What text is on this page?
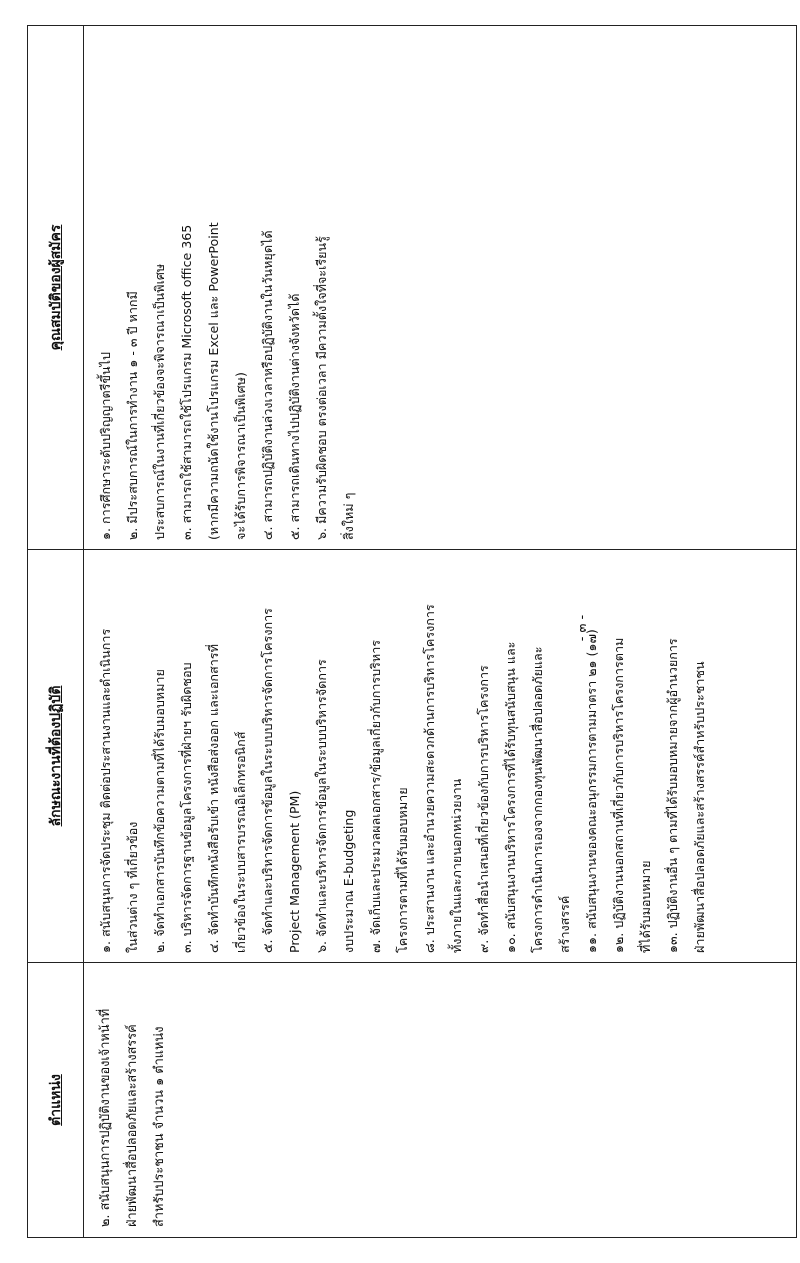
- ๓ -
ตำแหน่ง
ลักษณะงานที่ต้องปฏิบัติ
คุณสมบัติของผู้สมัคร
๒. สนับสนุนการปฏิบัติงานของเจ้าหน้าที่ ฝ่ายพัฒนาสื่อปลอดภัยและสร้างสรรค์ สำหรับประชาชน จำนวน ๑ ตำแหน่ง
๑. สนับสนุนการจัดประชุม ติดต่อประสานงานและดำเนินการ ในส่วนต่าง ๆ ที่เกี่ยวข้อง ๒. จัดทำเอกสารบันทึกข้อความตามที่ได้รับมอบหมาย ๓. บริหารจัดการฐานข้อมูลโครงการที่ฝ่ายฯ รับผิดชอบ ๔. จัดทำบันทึกหนังสือรับเข้า หนังสือส่งออก และเอกสารที่ เกี่ยวข้องในระบบสารบรรณอิเล็กทรอนิกส์ ๕. จัดทำและบริหารจัดการข้อมูลในระบบบริหารจัดการโครงการ Project Management (PM) ๖. จัดทำและบริหารจัดการข้อมูลในระบบบริหารจัดการ งบประมาณ E-budgeting ๗. จัดเก็บและประมวลผลเอกสาร/ข้อมูลเกี่ยวกับการบริหาร โครงการตามที่ได้รับมอบหมาย ๘. ประสานงาน และอำนวยความสะดวกด้านการบริหารโครงการ ทั้งภายในและภายนอกหน่วยงาน ๙. จัดทำสื่อนำเสนอที่เกี่ยวข้องกับการบริหารโครงการ ๑๐. สนับสนุนงานบริหารโครงการที่ได้รับทุนสนับสนุน และ โครงการดำเนินการเองจากกองทุนพัฒนาสื่อปลอดภัยและ สร้างสรรค์ ๑๑. สนับสนุนงานของคณะอนุกรรมการตามมาตรา ๒๑ (๑๗) ๑๒. ปฏิบัติงานนอกสถานที่เกี่ยวกับการบริหารโครงการตาม ที่ได้รับมอบหมาย ๑๓. ปฏิบัติงานอื่น ๆ ตามที่ได้รับมอบหมายจากผู้อำนวยการ ฝ่ายพัฒนาสื่อปลอดภัยและสร้างสรรค์สำหรับประชาชน
๑. การศึกษาระดับปริญญาตรีขึ้นไป ๒. มีประสบการณ์ในการทำงาน ๑ - ๓ ปี หากมี ประสบการณ์ในงานที่เกี่ยวข้องจะพิจารณาเป็นพิเศษ ๓. สามารถใช้สามารถใช้โปรแกรม Microsoft office 365 (หากมีความถนัดใช้งานโปรแกรม Excel และ PowerPoint จะได้รับการพิจารณาเป็นพิเศษ) ๔. สามารถปฏิบัติงานล่วงเวลาหรือปฏิบัติงานในวันหยุดได้ ๕. สามารถเดินทางไปปฏิบัติงานต่างจังหวัดได้ ๖. มีความรับผิดชอบ ตรงต่อเวลา มีความตั้งใจที่จะเรียนรู้ สิ่งใหม่ ๆ
